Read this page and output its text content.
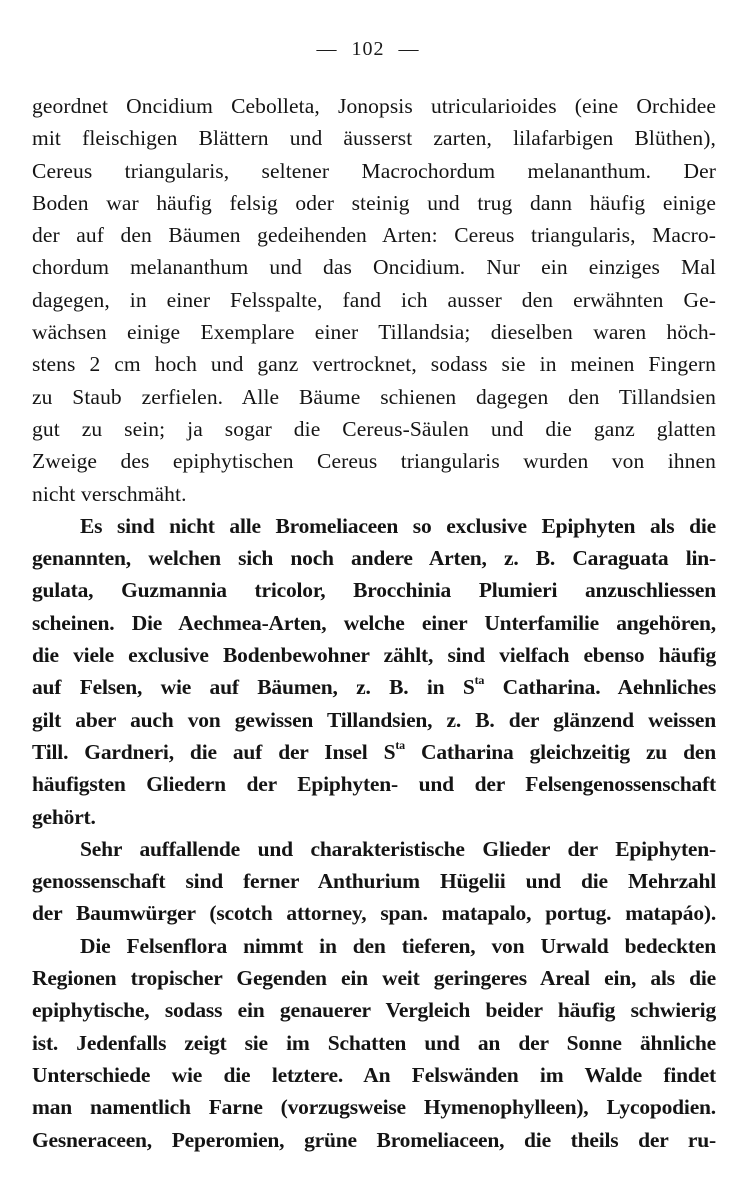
— 102 —
geordnet Oncidium Cebolleta, Jonopsis utricularioides (eine Orchidee
mit fleischigen Blättern und äusserst zarten, lilafarbigen Blüthen),
Cereus triangularis, seltener Macrochordum melananthum. Der
Boden war häufig felsig oder steinig und trug dann häufig einige
der auf den Bäumen gedeihenden Arten: Cereus triangularis, Macro-
chordum melananthum und das Oncidium. Nur ein einziges Mal
dagegen, in einer Felsspalte, fand ich ausser den erwähnten Ge-
wächsen einige Exemplare einer Tillandsia; dieselben waren höch-
stens 2 cm hoch und ganz vertrocknet, sodass sie in meinen Fingern
zu Staub zerfielen. Alle Bäume schienen dagegen den Tillandsien
gut zu sein; ja sogar die Cereus-Säulen und die ganz glatten
Zweige des epiphytischen Cereus triangularis wurden von ihnen
nicht verschmäht.
Es sind nicht alle Bromeliaceen so exclusive Epiphyten als die
genannten, welchen sich noch andere Arten, z. B. Caraguata lin-
gulata, Guzmannia tricolor, Brocchinia Plumieri anzuschliessen
scheinen. Die Aechmea-Arten, welche einer Unterfamilie angehören,
die viele exclusive Bodenbewohner zählt, sind vielfach ebenso häufig
auf Felsen, wie auf Bäumen, z. B. in $S^{ta}$ Catharina. Aehnliches
gilt aber auch von gewissen Tillandsien, z. B. der glänzend weissen
Till. Gardneri, die auf der Insel $S^{ta}$ Catharina gleichzeitig zu den
häufigsten Gliedern der Epiphyten- und der Felsengenossenschaft
gehört.
Sehr auffallende und charakteristische Glieder der Epiphyten-
genossenschaft sind ferner Anthurium Hügelii und die Mehrzahl
der Baumwürger (scotch attorney, span. matapalo, portug. matapáo).
Die Felsenflora nimmt in den tieferen, von Urwald bedeckten
Regionen tropischer Gegenden ein weit geringeres Areal ein, als die
epiphytische, sodass ein genauerer Vergleich beider häufig schwierig
ist. Jedenfalls zeigt sie im Schatten und an der Sonne ähnliche
Unterschiede wie die letztere. An Felswänden im Walde findet
man namentlich Farne (vorzugsweise Hymenophylleen), Lycopodien.
Gesneraceen, Peperomien, grüne Bromeliaceen, die theils der ru-
